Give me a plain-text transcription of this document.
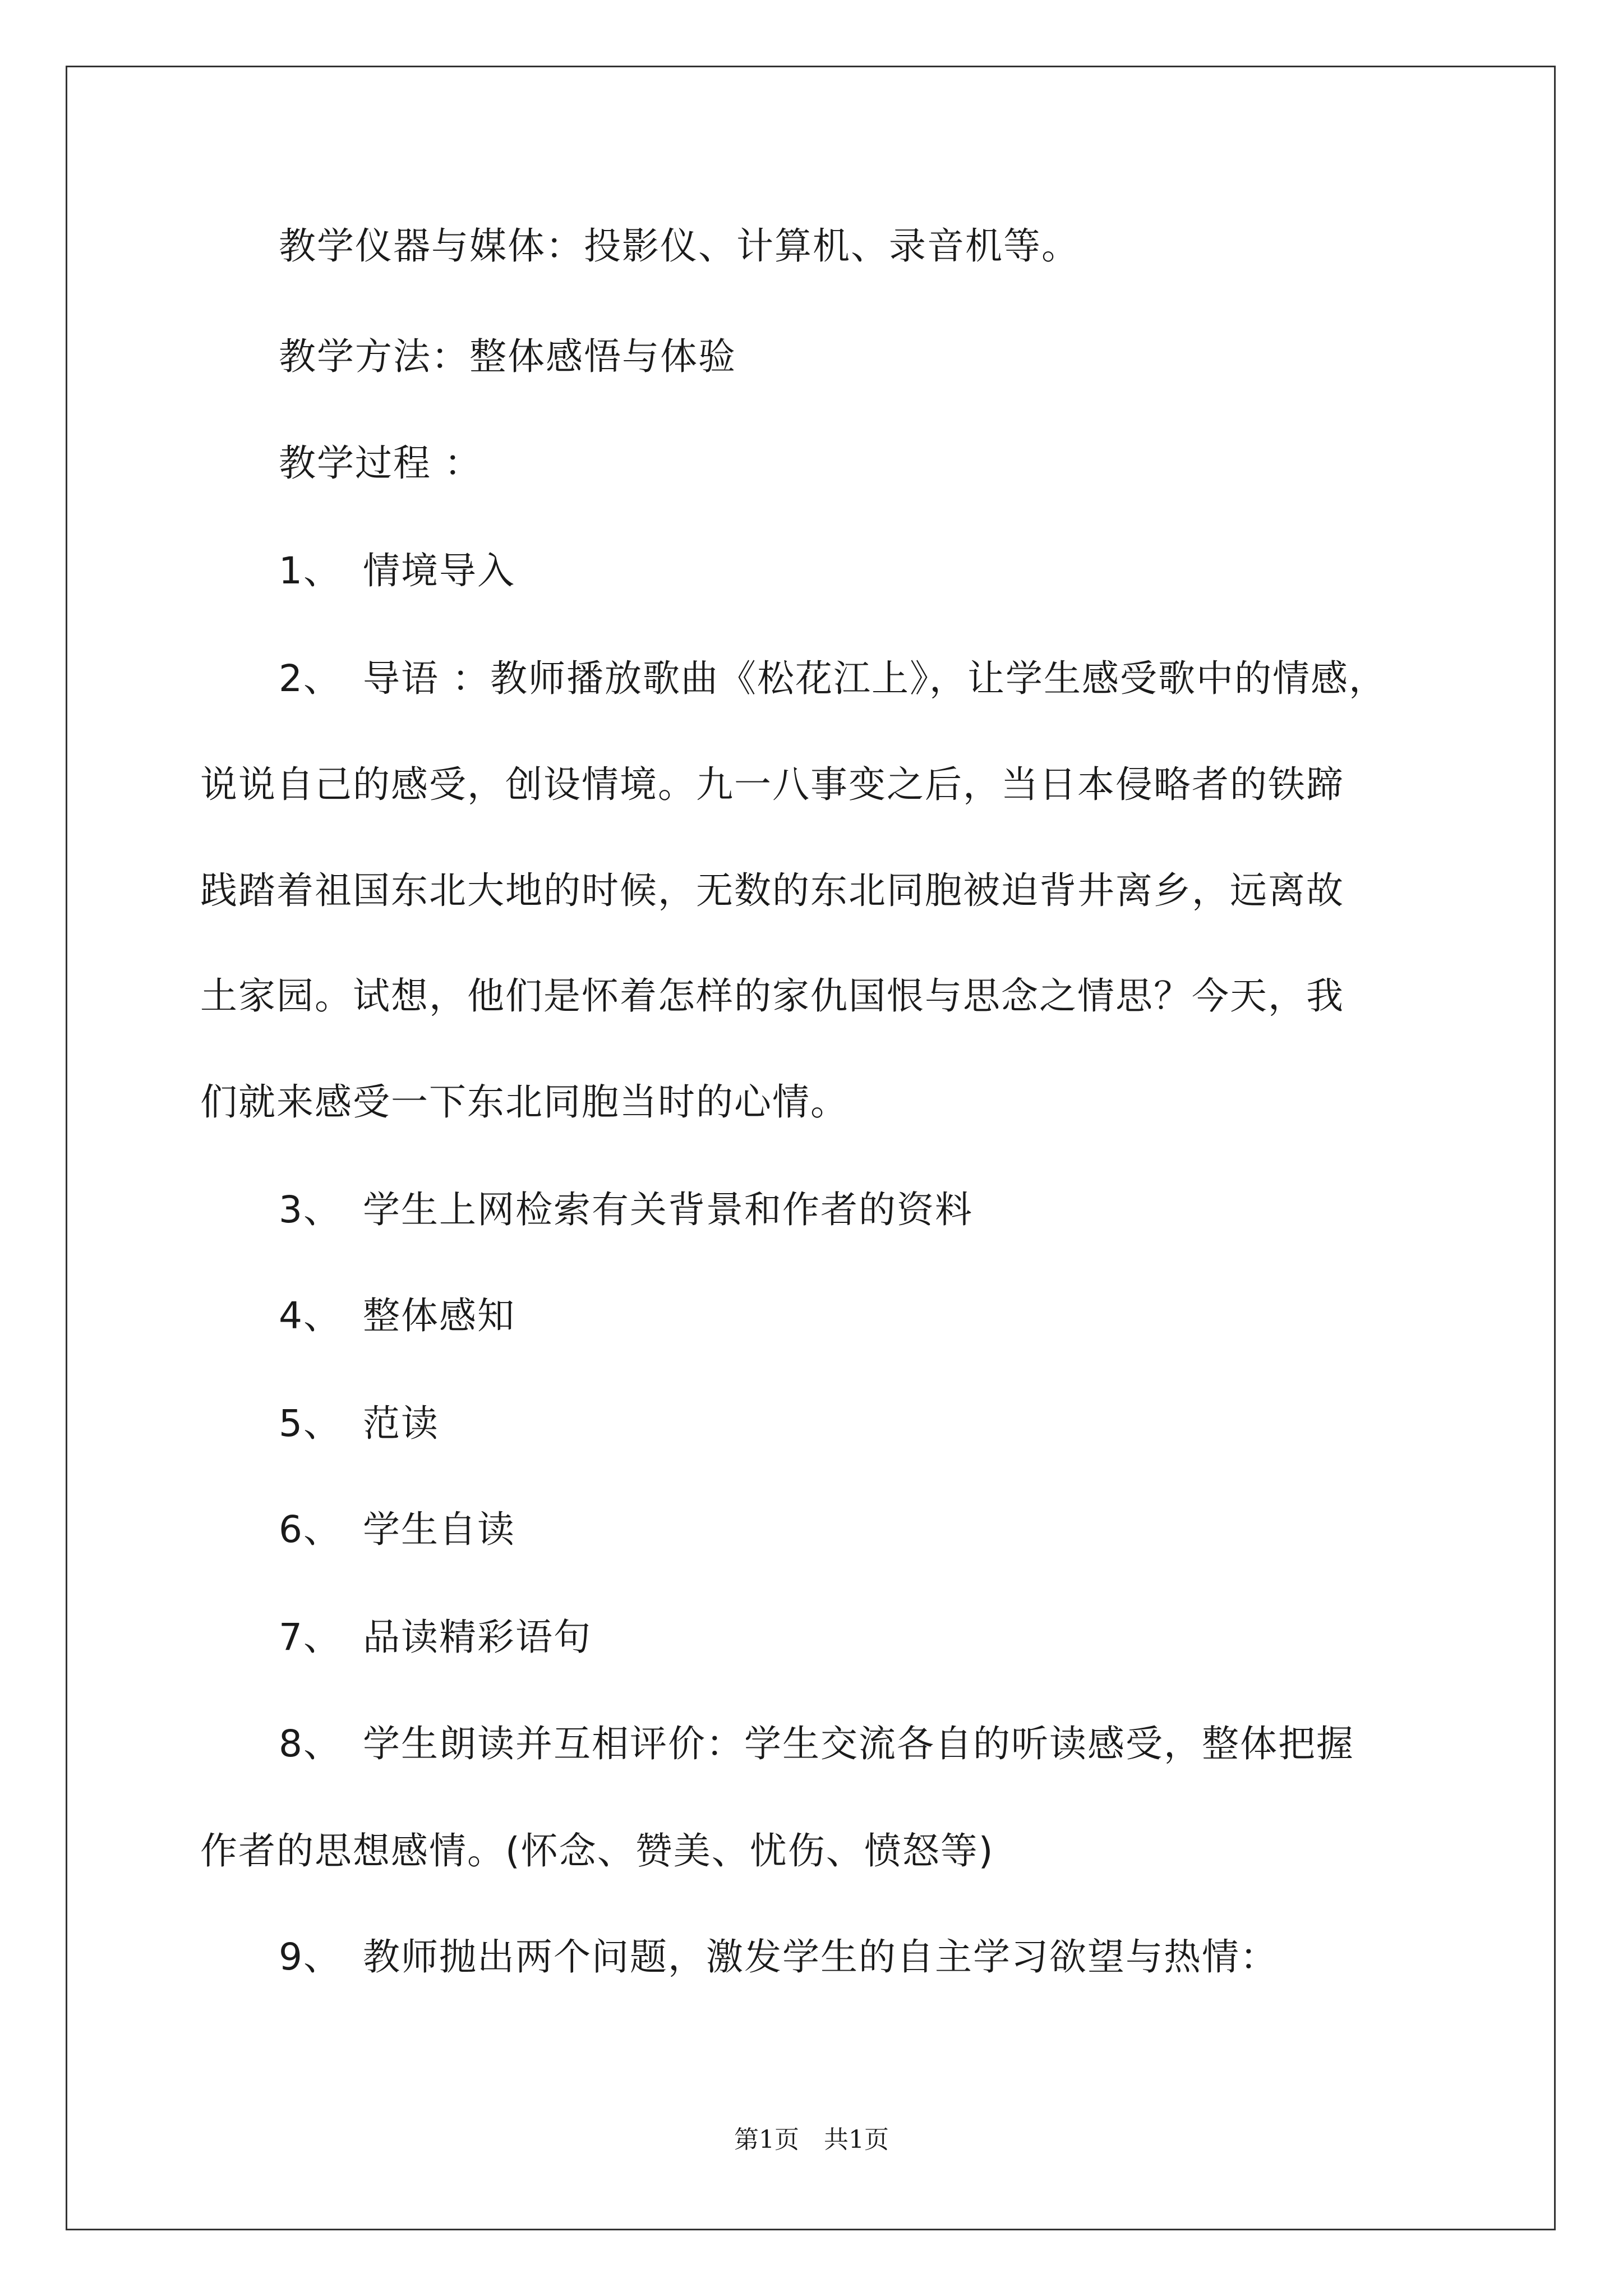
教学仪器与媒体：投影仪、计算机、录音机等。
教学方法：整体感悟与体验
教学过程 ：
1、 情境导入
2、 导语 ：教师播放歌曲《松花江上》，让学生感受歌中的情感，
说说自己的感受，创设情境。九一八事变之后，当日本侵略者的铁蹄
践踏着祖国东北大地的时候，无数的东北同胞被迫背井离乡，远离故
土家园。试想，他们是怀着怎样的家仇国恨与思念之情思？今天，我
们就来感受一下东北同胞当时的心情。
3、 学生上网检索有关背景和作者的资料
4、 整体感知
5、 范读
6、 学生自读
7、 品读精彩语句
8、 学生朗读并互相评价：学生交流各自的听读感受，整体把握
作者的思想感情。(怀念、赞美、忧伤、愤怒等)
9、 教师抛出两个问题，激发学生的自主学习欲望与热情：
第1页　共1页
